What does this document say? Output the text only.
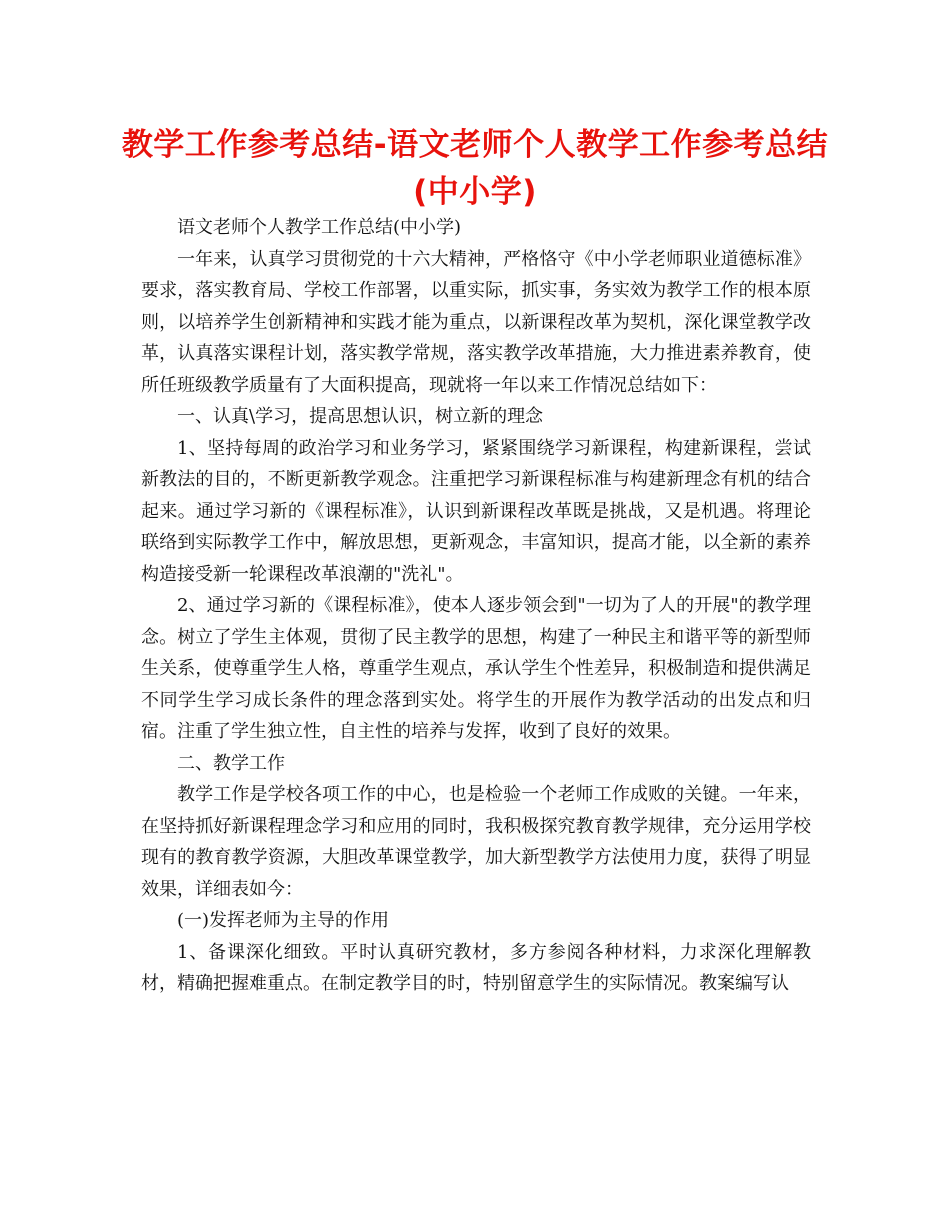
教学工作参考总结-语文老师个人教学工作参考总结(中小学)

语文老师个人教学工作总结(中小学)

一年来，认真学习贯彻党的十六大精神，严格恪守《中小学老师职业道德标准》要求，落实教育局、学校工作部署，以重实际，抓实事，务实效为教学工作的根本原则，以培养学生创新精神和实践才能为重点，以新课程改革为契机，深化课堂教学改革，认真落实课程计划，落实教学常规，落实教学改革措施，大力推进素养教育，使所任班级教学质量有了大面积提高，现就将一年以来工作情况总结如下：

一、认真\学习，提高思想认识，树立新的理念

1、坚持每周的政治学习和业务学习，紧紧围绕学习新课程，构建新课程，尝试新教法的目的，不断更新教学观念。注重把学习新课程标准与构建新理念有机的结合起来。通过学习新的《课程标准》，认识到新课程改革既是挑战，又是机遇。将理论联络到实际教学工作中，解放思想，更新观念，丰富知识，提高才能，以全新的素养构造接受新一轮课程改革浪潮的"洗礼"。

2、通过学习新的《课程标准》，使本人逐步领会到"一切为了人的开展"的教学理念。树立了学生主体观，贯彻了民主教学的思想，构建了一种民主和谐平等的新型师生关系，使尊重学生人格，尊重学生观点，承认学生个性差异，积极制造和提供满足不同学生学习成长条件的理念落到实处。将学生的开展作为教学活动的出发点和归宿。注重了学生独立性，自主性的培养与发挥，收到了良好的效果。

二、教学工作

教学工作是学校各项工作的中心，也是检验一个老师工作成败的关键。一年来，在坚持抓好新课程理念学习和应用的同时，我积极探究教育教学规律，充分运用学校现有的教育教学资源，大胆改革课堂教学，加大新型教学方法使用力度，获得了明显效果，详细表如今：

(一)发挥老师为主导的作用

1、备课深化细致。平时认真研究教材，多方参阅各种材料，力求深化理解教材，精确把握难重点。在制定教学目的时，特别留意学生的实际情况。教案编写认
